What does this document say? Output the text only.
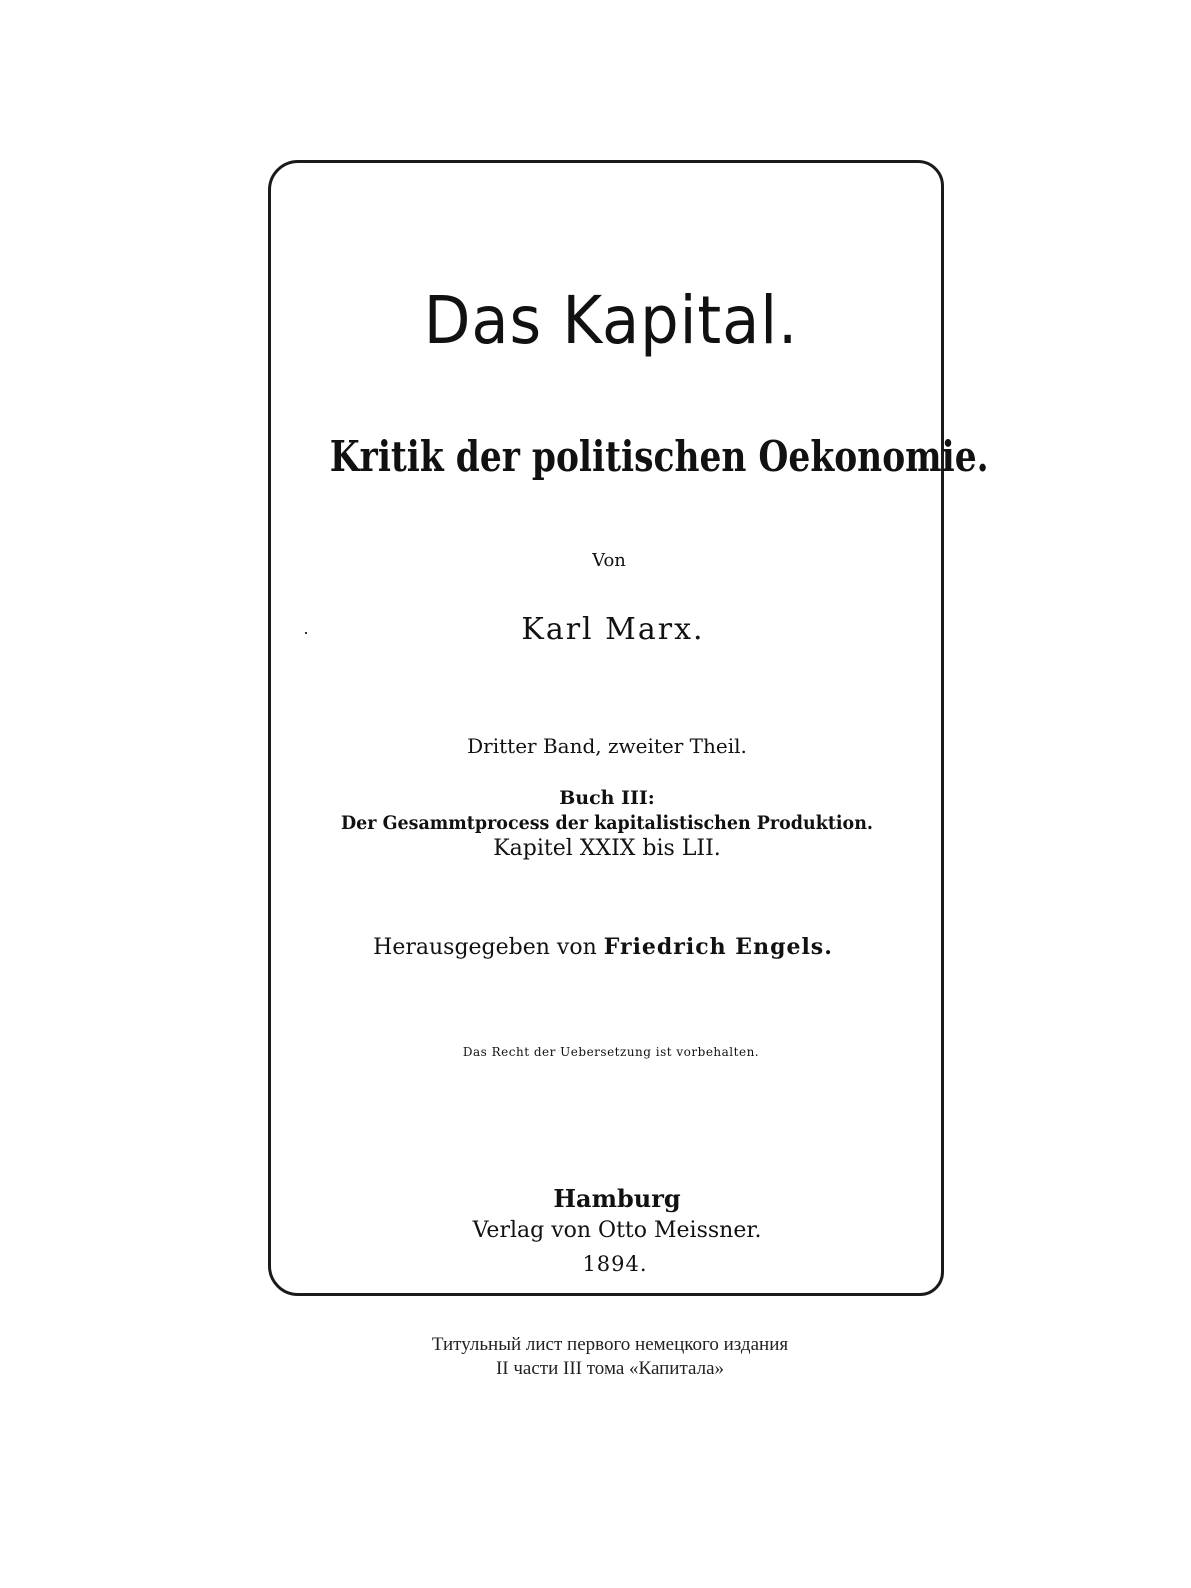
Das Kapital.
Kritik der politischen Oekonomie.
Von
Karl Marx.
Dritter Band, zweiter Theil.
Buch III:
Der Gesammtprocess der kapitalistischen Produktion.
Kapitel XXIX bis LII.
Herausgegeben von Friedrich Engels.
Das Recht der Uebersetzung ist vorbehalten.
Hamburg
Verlag von Otto Meissner.
1894.
Титульный лист первого немецкого издания
II части III тома «Капитала»
